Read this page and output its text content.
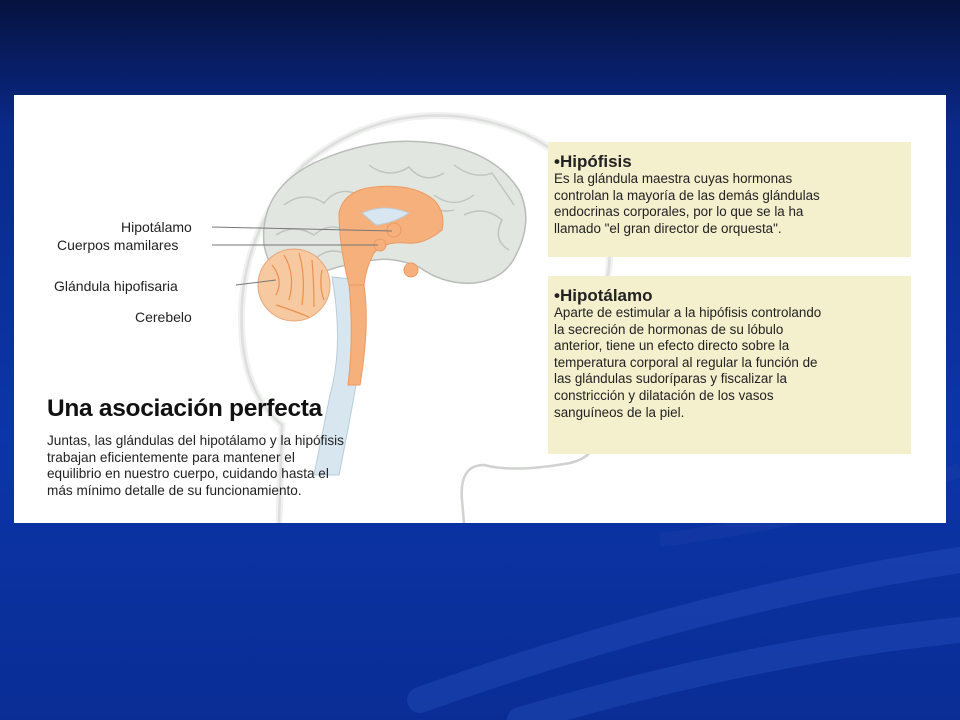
Hipotálamo
Cuerpos mamilares
Glándula hipofisaria
Cerebelo
•Hipófisis

Es la glándula maestra cuyas hormonas
controlan la mayoría de las demás glándulas
endocrinas corporales, por lo que se la ha
llamado "el gran director de orquesta".

•Hipotálamo

Aparte de estimular a la hipófisis controlando
la secreción de hormonas de su lóbulo
anterior, tiene un efecto directo sobre la
temperatura corporal al regular la función de
las glándulas sudoríparas y fiscalizar la
constricción y dilatación de los vasos
sanguíneos de la piel.

Una asociación perfecta

Juntas, las glándulas del hipotálamo y la hipófisis
trabajan eficientemente para mantener el
equilibrio en nuestro cuerpo, cuidando hasta el
más mínimo detalle de su funcionamiento.
